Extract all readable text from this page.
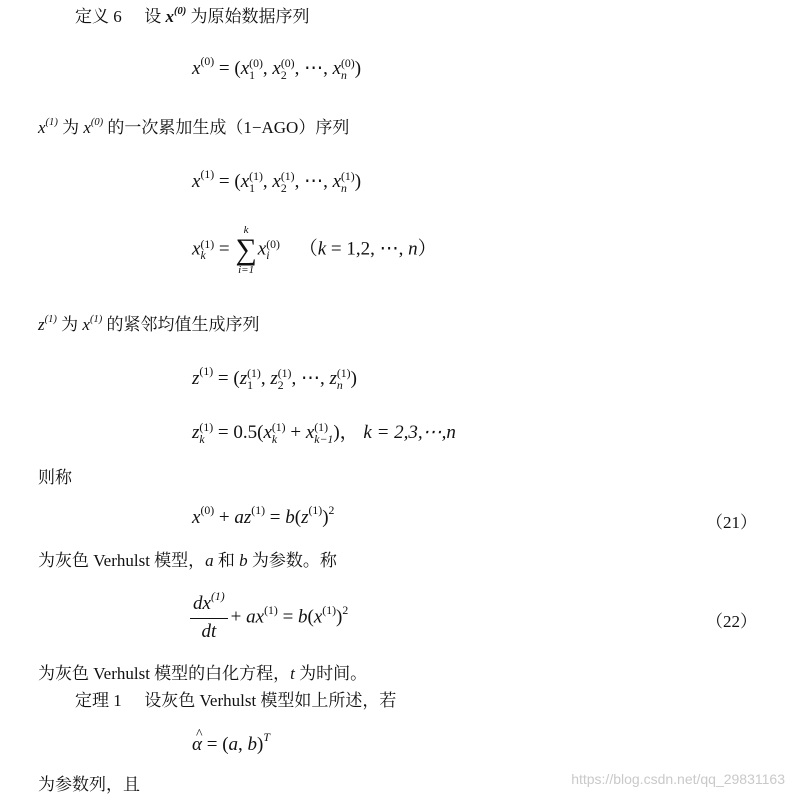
定义 6 设 $x^{(0)}$ 为原始数据序列
$x^{(0)} = (x$ (0)
1 , x (0)
2 , ⋯, x (0)
n )
$x^{(1)}$ 为 $x^{(0)}$ 的一次累加生成（1−AGO）序列
$x^{(1)} = (x$ (1)
1 , x (1)
2 , ⋯, x (1)
n )
x (1)
k =
k
∑
i=1
x (0)
i	（k = 1,2, ⋯, n）
$z^{(1)}$ 为 $x^{(1)}$ 的紧邻均值生成序列
$z^{(1)} = (z$ (1)
1 , z (1)
2 , ⋯, z (1)
n )
z (1)
k = 0.5(x (1)
k + x (1)
k−1 )， k = 2,3,⋯,n
则称
$x^{(0)} + az^{(1)} = b(z^{(1)})^2$
（21）
为灰色 Verhulst 模型，a 和 b 为参数。称
$\frac{dx^{(1)}}{dt} + ax^{(1)} = b(x^{(1)})^2$
（22）
为灰色 Verhulst 模型的白化方程，t 为时间。
定理 1 设灰色 Verhulst 模型如上所述，若
^ α = (a, b)$^T$
为参数列，且	https://blog.csdn.net/qq_29831163
